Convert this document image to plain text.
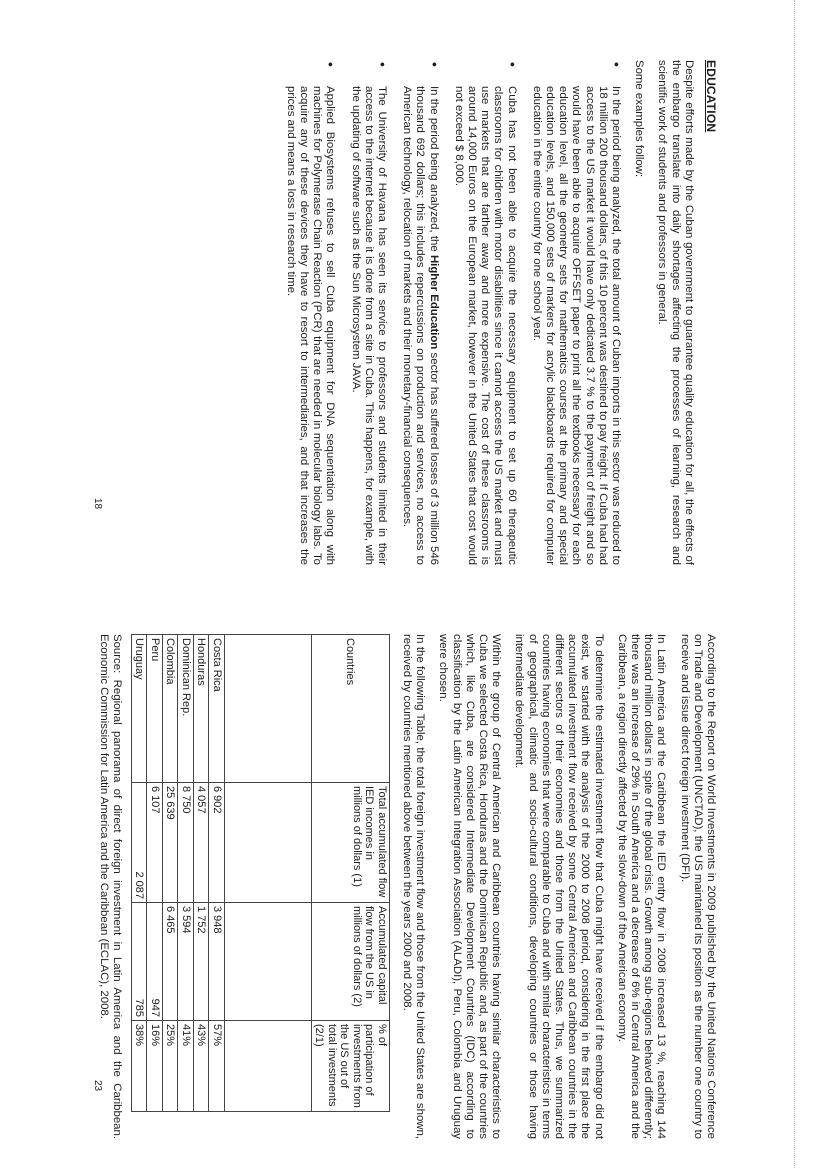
EDUCATION

Despite efforts made by the Cuban government to guarantee quality education for all, the effects of the embargo translate into daily shortages affecting the processes of learning, research and scientific work of students and professors in general.

Some examples follow:

• In the period being analyzed, the total amount of Cuban imports in this sector was reduced to 18 million 200 thousand dollars, of this 10 percent was destined to pay freight. If Cuba had had access to the US market it would have only dedicated 3.7 % to the payment of freight and so would have been able to acquire OFFSET paper to print all the textbooks necessary for each education level, all the geometry sets for mathematics courses at the primary and special education levels, and 150,000 sets of markers for acrylic blackboards required for computer education in the entire country for one school year.
• Cuba has not been able to acquire the necessary equipment to set up 60 therapeutic classrooms for children with motor disabilities since it cannot access the US market and must use markets that are farther away and more expensive. The cost of these classrooms is around 14,000 Euros on the European market, however in the United States that cost would not exceed $ 8,000.
• In the period being analyzed, the Higher Education sector has suffered losses of 3 million 546 thousand 692 dollars; this includes repercussions on production and services, no access to American technology, relocation of markets and their monetary-financial consequences.
• The University of Havana has seen its service to professors and students limited in their access to the internet because it is done from a site in Cuba. This happens, for example, with the updating of software such as the Sun Microsystem JAVA.
• Applied Biosystems refuses to sell Cuba equipment for DNA sequentiation along with machines for Polymerase Chain Reaction (PCR) that are needed in molecular biology labs. To acquire any of these devices they have to resort to intermediaries, and that increases the prices and means a loss in research time.
18

According to the Report on World Investments in 2009 published by the United Nations Conference on Trade and Development (UNCTAD), the US maintained its position as the number one country to receive and issue direct foreign investment (DFI).

In Latin America and the Caribbean the IED entry flow in 2008 increased 13 %, reaching 144 thousand million dollars in spite of the global crisis. Growth among sub-regions behaved differently; there was an increase of 29% in South America and a decrease of 6% in Central America and the Caribbean, a region directly affected by the slow-down of the American economy.

To determine the estimated investment flow that Cuba might have received if the embargo did not exist, we started with the analysis of the 2000 to 2008 period, considering in the first place the accumulated investment flow received by some Central American and Caribbean countries in the different sectors of their economies and those from the United States. Thus, we summarized countries having economies that were comparable to Cuba and with similar characteristics in terms of geographical, climatic and socio-cultural conditions, developing countries or those having intermediate development.

Within the group of Central American and Caribbean countries having similar characteristics to Cuba we selected Costa Rica, Honduras and the Dominican Republic and, as part of the countries which, like Cuba, are considered Intermediate Development Countries (IDC) according to classification by the Latin American Integration Association (ALADI), Peru, Colombia and Uruguay were chosen.

In the following Table, the total foreign investment flow and those from the United States are shown, received by countries mentioned above between the years 2000 and 2008.

Countries	Total accumulated flow IED incomes in millions of dollars (1)	Accumulated capital flow from the US in millions of dollars (2)	% of participation of investments from the US out of total investments (2/1)

Costa Rica	6 902	3 948	57%
Honduras	4 057	1 752	43%
Dominican Rep.	8 750	3 594	41%
Colombia	25 639	6 465	25%
Peru	6 107	947	16%
Uruguay	2 087	785	38%

Source: Regional panorama of direct foreign investment in Latin America and the Caribbean. Economic Commission for Latin America and the Caribbean (ECLAC), 2008.

23
